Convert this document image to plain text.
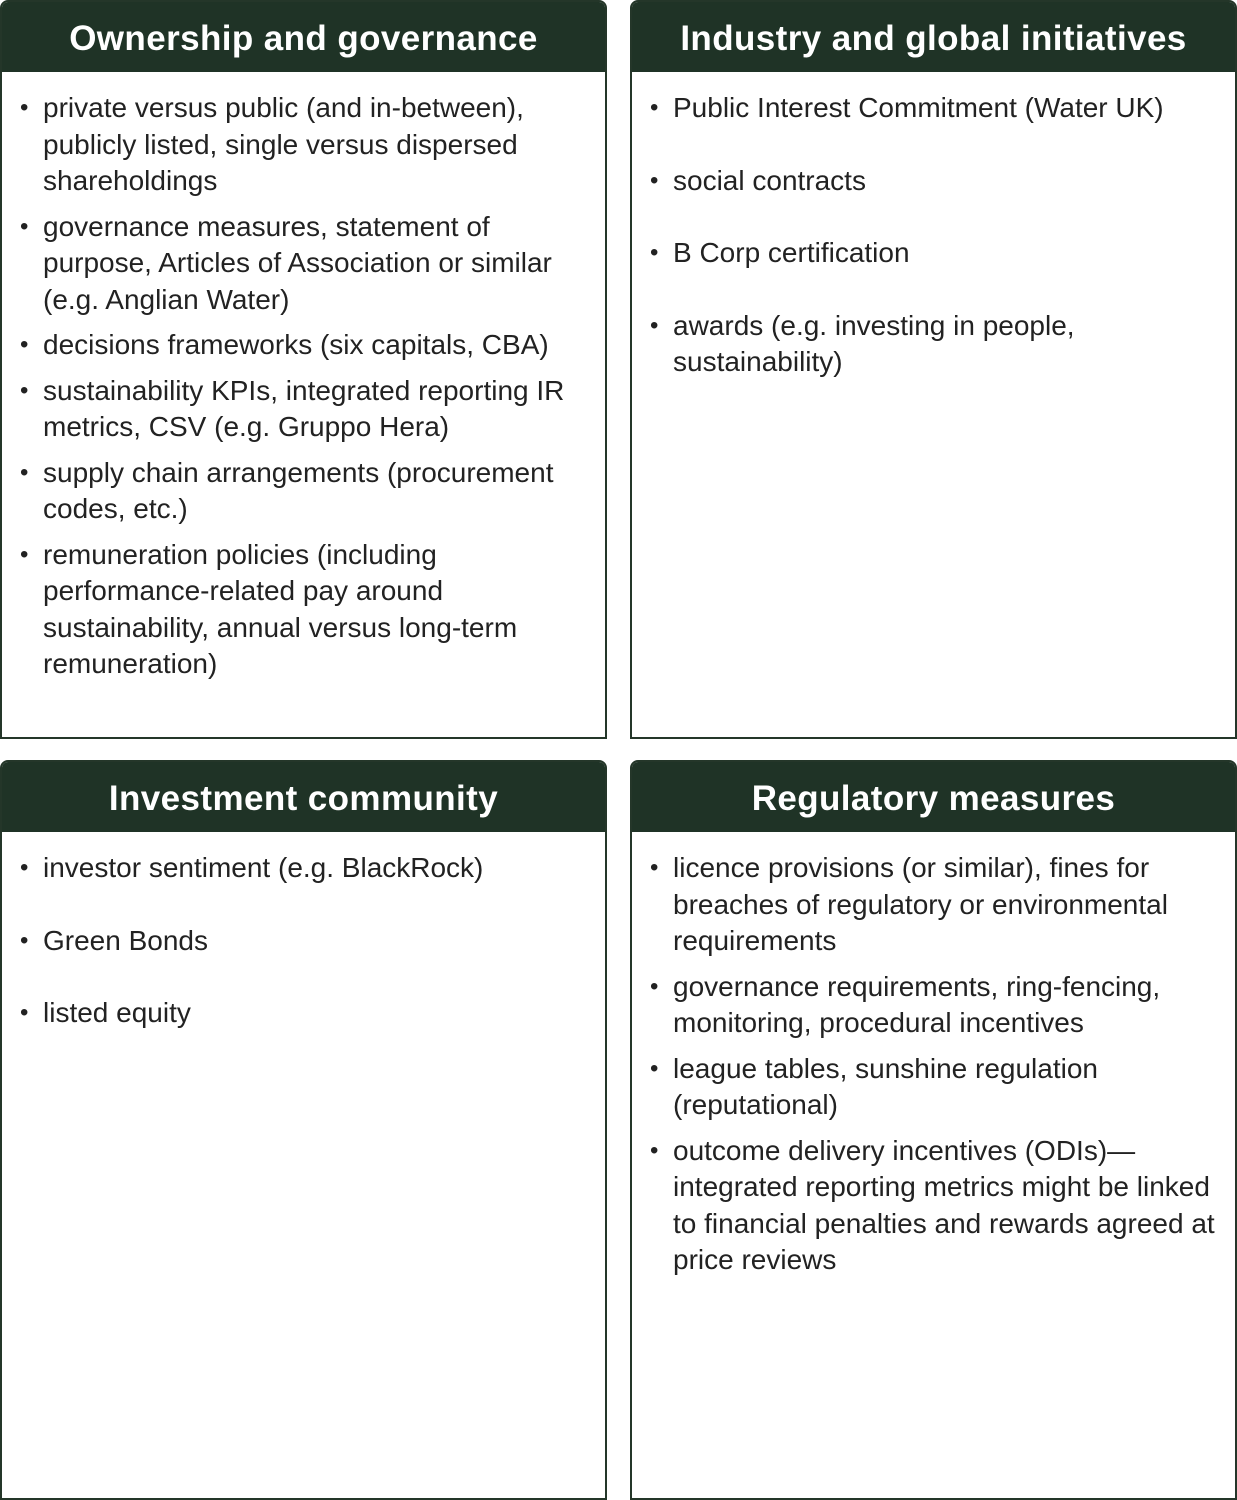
Ownership and governance
• private versus public (and in-between), publicly listed, single versus dispersed shareholdings
• governance measures, statement of purpose, Articles of Association or similar (e.g. Anglian Water)
• decisions frameworks (six capitals, CBA)
• sustainability KPIs, integrated reporting IR metrics, CSV (e.g. Gruppo Hera)
• supply chain arrangements (procurement codes, etc.)
• remuneration policies (including performance-related pay around sustainability, annual versus long-term remuneration)
Industry and global initiatives
• Public Interest Commitment (Water UK)
• social contracts
• B Corp certification
• awards (e.g. investing in people, sustainability)
Investment community
• investor sentiment (e.g. BlackRock)
• Green Bonds
• listed equity
Regulatory measures
• licence provisions (or similar), fines for breaches of regulatory or environmental requirements
• governance requirements, ring-fencing, monitoring, procedural incentives
• league tables, sunshine regulation (reputational)
• outcome delivery incentives (ODIs)—integrated reporting metrics might be linked to financial penalties and rewards agreed at price reviews
